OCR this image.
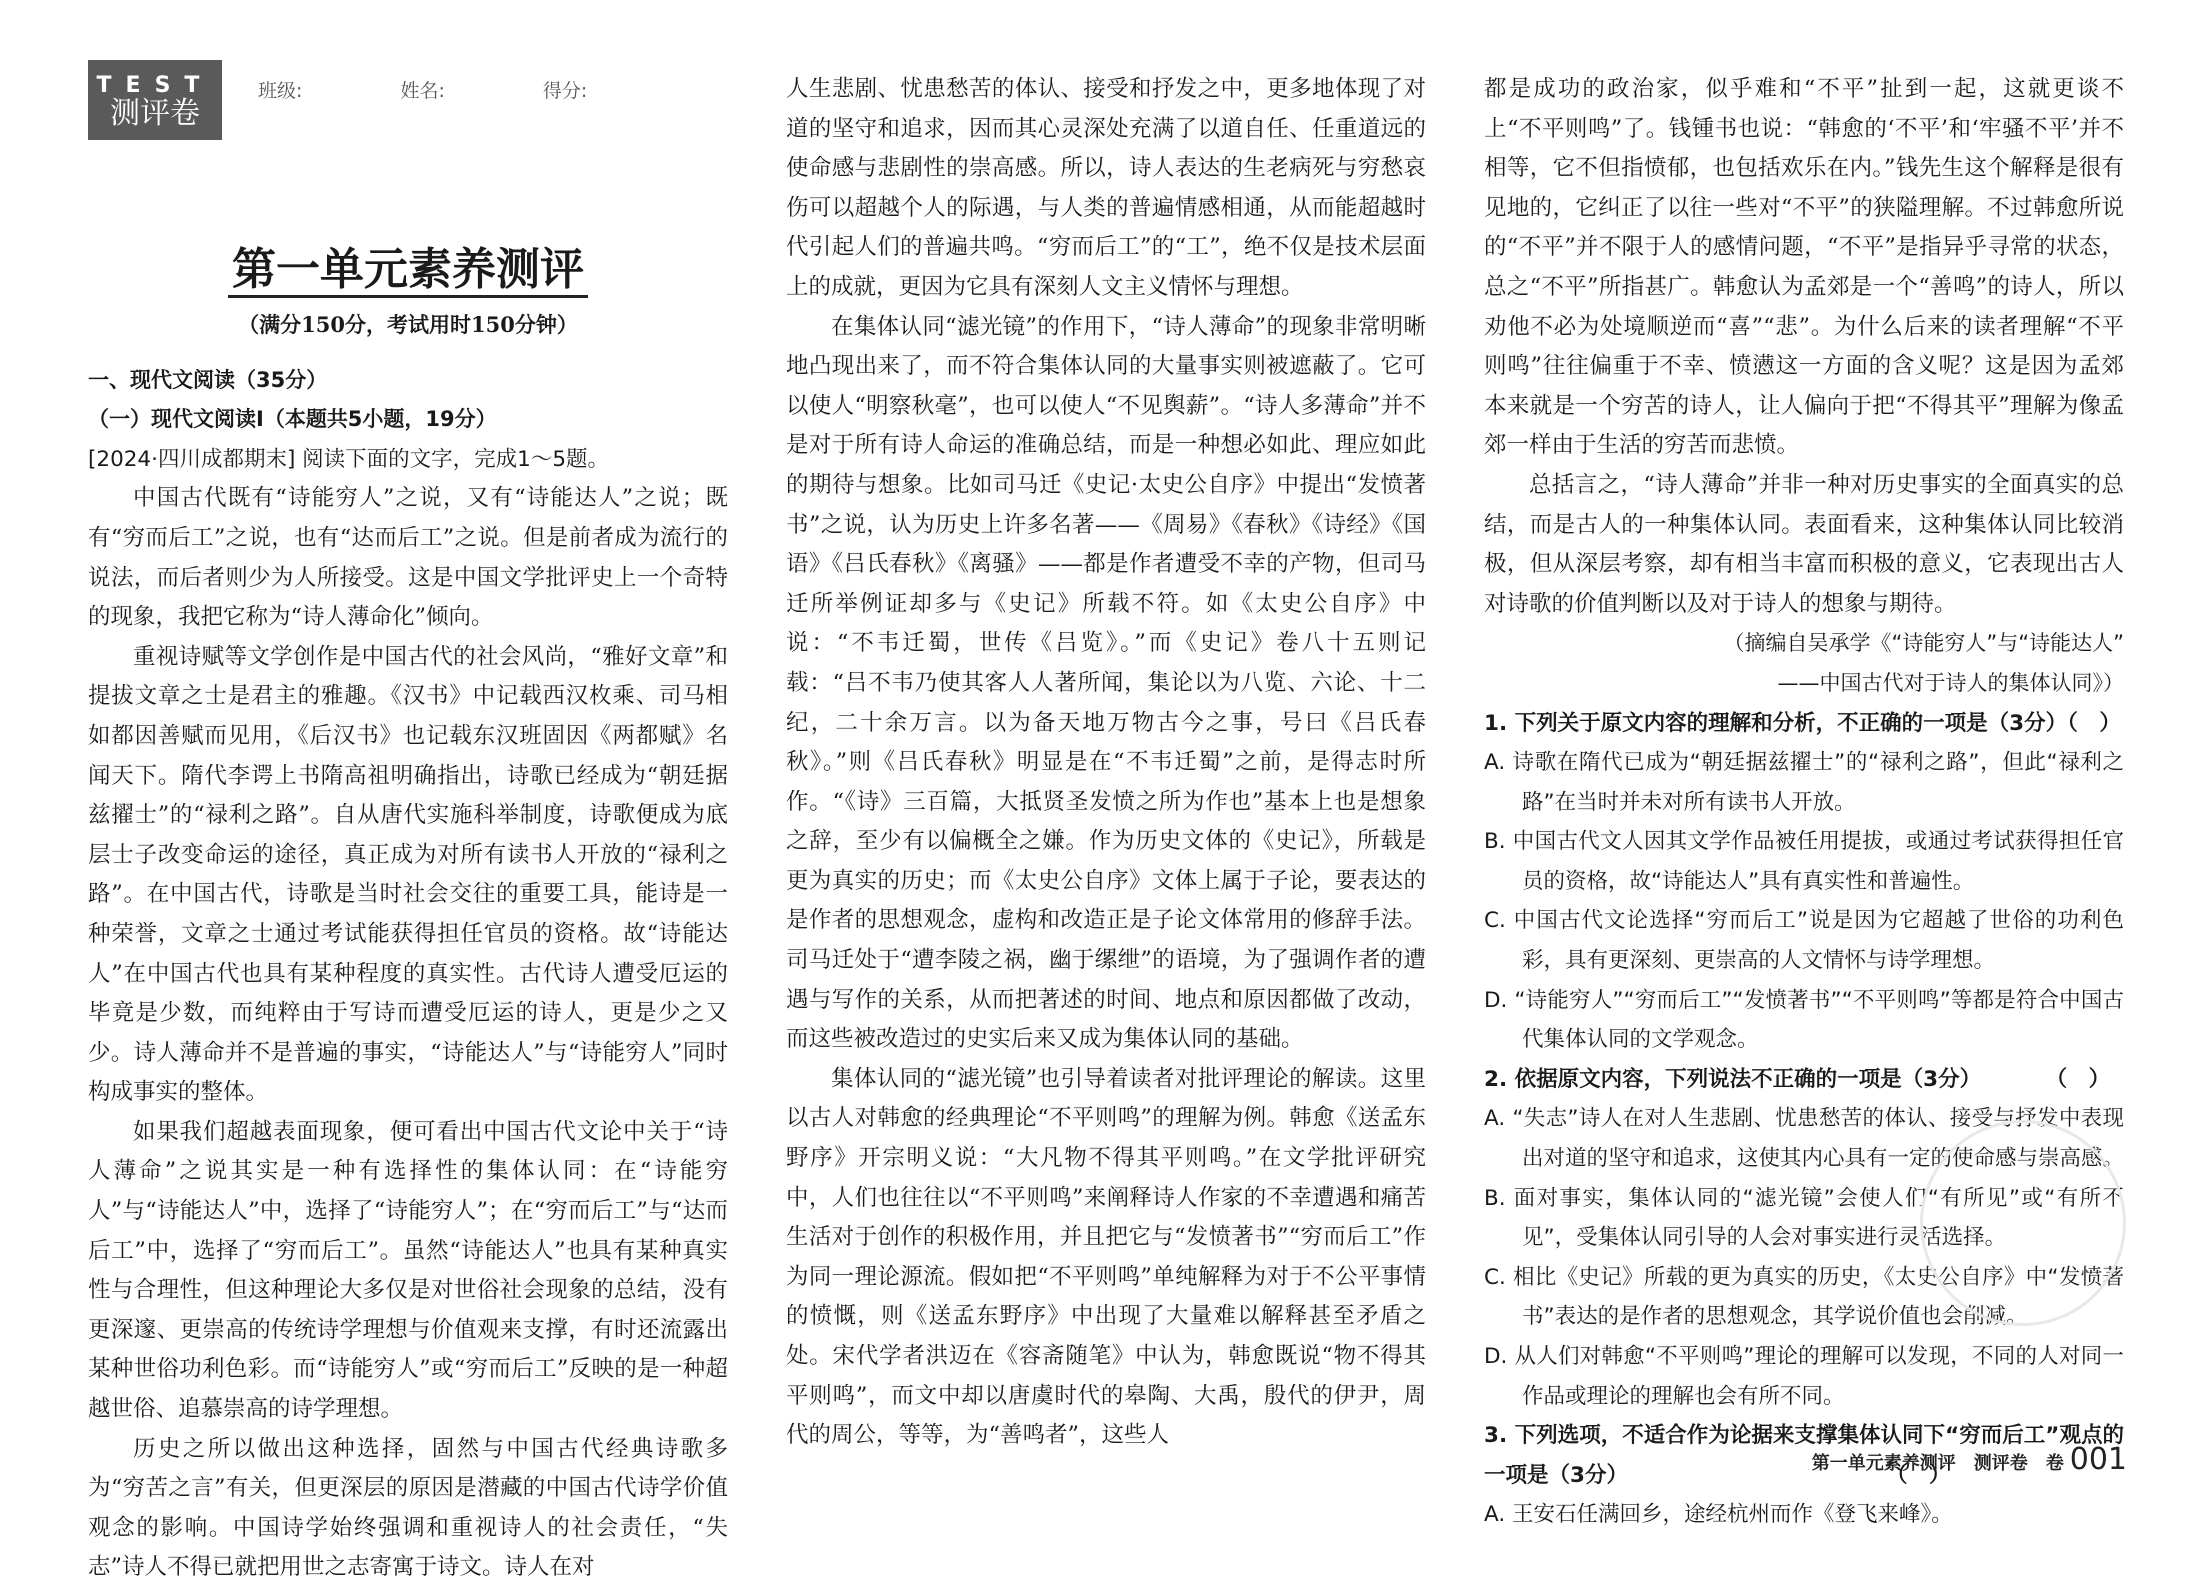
TEST
测评卷
班级:	姓名:	得分:
第一单元素养测评
（满分150分，考试用时150分钟）

一、现代文阅读（35分）

（一）现代文阅读Ⅰ（本题共5小题，19分）

[2024·四川成都期末] 阅读下面的文字，完成1～5题。

中国古代既有“诗能穷人”之说，又有“诗能达人”之说；既有“穷而后工”之说，也有“达而后工”之说。但是前者成为流行的说法，而后者则少为人所接受。这是中国文学批评史上一个奇特的现象，我把它称为“诗人薄命化”倾向。

重视诗赋等文学创作是中国古代的社会风尚，“雅好文章”和提拔文章之士是君主的雅趣。《汉书》中记载西汉枚乘、司马相如都因善赋而见用，《后汉书》也记载东汉班固因《两都赋》名闻天下。隋代李谔上书隋高祖明确指出，诗歌已经成为“朝廷据兹擢士”的“禄利之路”。自从唐代实施科举制度，诗歌便成为底层士子改变命运的途径，真正成为对所有读书人开放的“禄利之路”。在中国古代，诗歌是当时社会交往的重要工具，能诗是一种荣誉，文章之士通过考试能获得担任官员的资格。故“诗能达人”在中国古代也具有某种程度的真实性。古代诗人遭受厄运的毕竟是少数，而纯粹由于写诗而遭受厄运的诗人，更是少之又少。诗人薄命并不是普遍的事实，“诗能达人”与“诗能穷人”同时构成事实的整体。

如果我们超越表面现象，便可看出中国古代文论中关于“诗人薄命”之说其实是一种有选择性的集体认同：在“诗能穷人”与“诗能达人”中，选择了“诗能穷人”；在“穷而后工”与“达而后工”中，选择了“穷而后工”。虽然“诗能达人”也具有某种真实性与合理性，但这种理论大多仅是对世俗社会现象的总结，没有更深邃、更崇高的传统诗学理想与价值观来支撑，有时还流露出某种世俗功利色彩。而“诗能穷人”或“穷而后工”反映的是一种超越世俗、追慕崇高的诗学理想。

历史之所以做出这种选择，固然与中国古代经典诗歌多为“穷苦之言”有关，但更深层的原因是潜藏的中国古代诗学价值观念的影响。中国诗学始终强调和重视诗人的社会责任，“失志”诗人不得已就把用世之志寄寓于诗文。诗人在对

人生悲剧、忧患愁苦的体认、接受和抒发之中，更多地体现了对道的坚守和追求，因而其心灵深处充满了以道自任、任重道远的使命感与悲剧性的崇高感。所以，诗人表达的生老病死与穷愁哀伤可以超越个人的际遇，与人类的普遍情感相通，从而能超越时代引起人们的普遍共鸣。“穷而后工”的“工”，绝不仅是技术层面上的成就，更因为它具有深刻人文主义情怀与理想。

在集体认同“滤光镜”的作用下，“诗人薄命”的现象非常明晰地凸现出来了，而不符合集体认同的大量事实则被遮蔽了。它可以使人“明察秋毫”，也可以使人“不见舆薪”。“诗人多薄命”并不是对于所有诗人命运的准确总结，而是一种想必如此、理应如此的期待与想象。比如司马迁《史记·太史公自序》中提出“发愤著书”之说，认为历史上许多名著——《周易》《春秋》《诗经》《国语》《吕氏春秋》《离骚》——都是作者遭受不幸的产物，但司马迁所举例证却多与《史记》所载不符。如《太史公自序》中说：“不韦迁蜀，世传《吕览》。”而《史记》卷八十五则记载：“吕不韦乃使其客人人著所闻，集论以为八览、六论、十二纪，二十余万言。以为备天地万物古今之事，号曰《吕氏春秋》。”则《吕氏春秋》明显是在“不韦迁蜀”之前，是得志时所作。“《诗》三百篇，大抵贤圣发愤之所为作也”基本上也是想象之辞，至少有以偏概全之嫌。作为历史文体的《史记》，所载是更为真实的历史；而《太史公自序》文体上属于子论，要表达的是作者的思想观念，虚构和改造正是子论文体常用的修辞手法。司马迁处于“遭李陵之祸，幽于缧绁”的语境，为了强调作者的遭遇与写作的关系，从而把著述的时间、地点和原因都做了改动，而这些被改造过的史实后来又成为集体认同的基础。

集体认同的“滤光镜”也引导着读者对批评理论的解读。这里以古人对韩愈的经典理论“不平则鸣”的理解为例。韩愈《送孟东野序》开宗明义说：“大凡物不得其平则鸣。”在文学批评研究中，人们也往往以“不平则鸣”来阐释诗人作家的不幸遭遇和痛苦生活对于创作的积极作用，并且把它与“发愤著书”“穷而后工”作为同一理论源流。假如把“不平则鸣”单纯解释为对于不公平事情的愤慨，则《送孟东野序》中出现了大量难以解释甚至矛盾之处。宋代学者洪迈在《容斋随笔》中认为，韩愈既说“物不得其平则鸣”，而文中却以唐虞时代的皋陶、大禹，殷代的伊尹，周代的周公，等等，为“善鸣者”，这些人

都是成功的政治家，似乎难和“不平”扯到一起，这就更谈不上“不平则鸣”了。钱锺书也说：“韩愈的‘不平’和‘牢骚不平’并不相等，它不但指愤郁，也包括欢乐在内。”钱先生这个解释是很有见地的，它纠正了以往一些对“不平”的狭隘理解。不过韩愈所说的“不平”并不限于人的感情问题，“不平”是指异乎寻常的状态，总之“不平”所指甚广。韩愈认为孟郊是一个“善鸣”的诗人，所以劝他不必为处境顺逆而“喜”“悲”。为什么后来的读者理解“不平则鸣”往往偏重于不幸、愤懑这一方面的含义呢？这是因为孟郊本来就是一个穷苦的诗人，让人偏向于把“不得其平”理解为像孟郊一样由于生活的穷苦而悲愤。

总括言之，“诗人薄命”并非一种对历史事实的全面真实的总结，而是古人的一种集体认同。表面看来，这种集体认同比较消极，但从深层考察，却有相当丰富而积极的意义，它表现出古人对诗歌的价值判断以及对于诗人的想象与期待。

（摘编自吴承学《“诗能穷人”与“诗能达人”

——中国古代对于诗人的集体认同》）

1. 下列关于原文内容的理解和分析，不正确的一项是（3分）（　）

A. 诗歌在隋代已成为“朝廷据兹擢士”的“禄利之路”，但此“禄利之路”在当时并未对所有读书人开放。

B. 中国古代文人因其文学作品被任用提拔，或通过考试获得担任官员的资格，故“诗能达人”具有真实性和普遍性。

C. 中国古代文论选择“穷而后工”说是因为它超越了世俗的功利色彩，具有更深刻、更崇高的人文情怀与诗学理想。

D. “诗能穷人”“穷而后工”“发愤著书”“不平则鸣”等都是符合中国古代集体认同的文学观念。

2. 依据原文内容，下列说法不正确的一项是（3分）　　　　（　）

A. “失志”诗人在对人生悲剧、忧患愁苦的体认、接受与抒发中表现出对道的坚守和追求，这使其内心具有一定的使命感与崇高感。

B. 面对事实，集体认同的“滤光镜”会使人们“有所见”或“有所不见”，受集体认同引导的人会对事实进行灵活选择。

C. 相比《史记》所载的更为真实的历史，《太史公自序》中“发愤著书”表达的是作者的思想观念，其学说价值也会削减。

D. 从人们对韩愈“不平则鸣”理论的理解可以发现，不同的人对同一作品或理论的理解也会有所不同。

3. 下列选项，不适合作为论据来支撑集体认同下“穷而后工”观点的一项是（3分）　　　　　　　　　　　　　（　）

A. 王安石任满回乡，途经杭州而作《登飞来峰》。

第一单元素养测评　测评卷　卷 001
